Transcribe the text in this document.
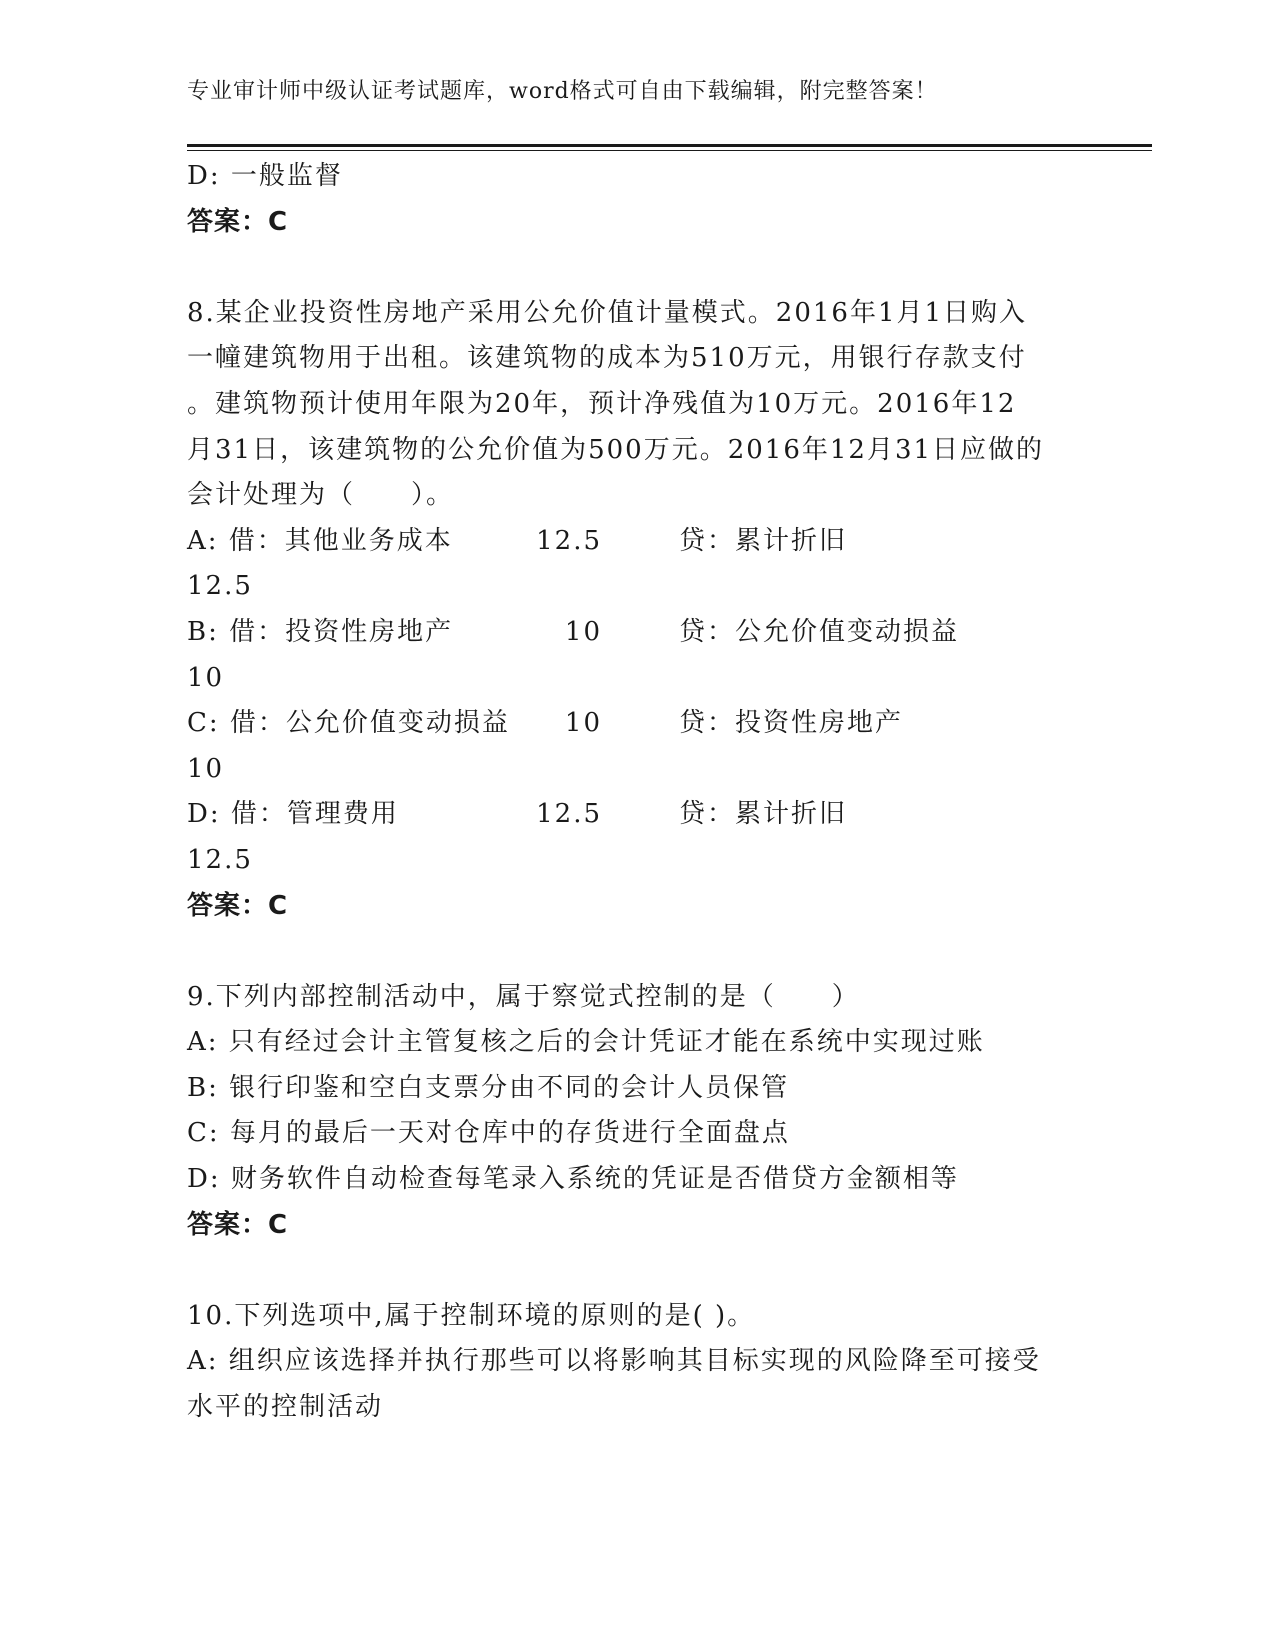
专业审计师中级认证考试题库，word格式可自由下载编辑，附完整答案！
D: 一般监督
答案：C
8.某企业投资性房地产采用公允价值计量模式。2016年1月1日购入
一幢建筑物用于出租。该建筑物的成本为510万元，用银行存款支付
。建筑物预计使用年限为20年，预计净残值为10万元。2016年12
月31日，该建筑物的公允价值为500万元。2016年12月31日应做的
会计处理为（　　）。
A: 借：其他业务成本	12.5	贷：累计折旧
12.5
B: 借：投资性房地产	10	贷：公允价值变动损益
10
C: 借：公允价值变动损益 10	贷：投资性房地产
10
D: 借：管理费用	12.5	贷：累计折旧
12.5
答案：C
9.下列内部控制活动中，属于察觉式控制的是（　　）
A: 只有经过会计主管复核之后的会计凭证才能在系统中实现过账
B: 银行印鉴和空白支票分由不同的会计人员保管
C: 每月的最后一天对仓库中的存货进行全面盘点
D: 财务软件自动检查每笔录入系统的凭证是否借贷方金额相等
答案：C
10.下列选项中,属于控制环境的原则的是( )。
A: 组织应该选择并执行那些可以将影响其目标实现的风险降至可接受
水平的控制活动
